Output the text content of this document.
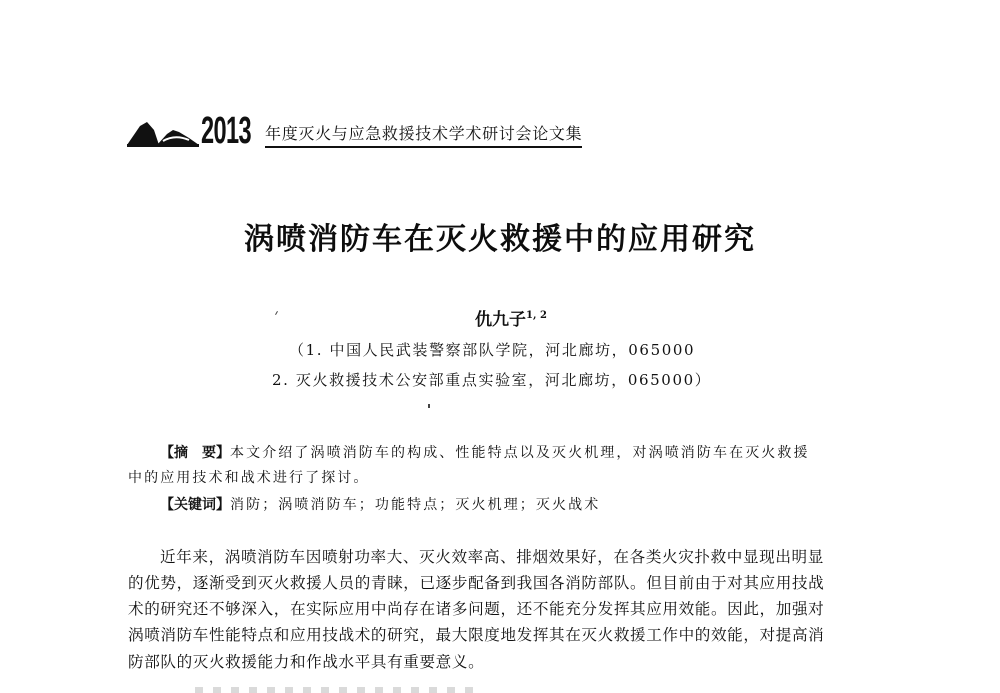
2013 年度灭火与应急救援技术学术研讨会论文集
涡喷消防车在灭火救援中的应用研究
仇九子$^{1, 2}$
（1. 中国人民武装警察部队学院，河北廊坊，065000
2. 灭火救援技术公安部重点实验室，河北廊坊，065000）
【摘　要】本文介绍了涡喷消防车的构成、性能特点以及灭火机理，对涡喷消防车在灭火救援
中的应用技术和战术进行了探讨。
【关键词】消防；涡喷消防车；功能特点；灭火机理；灭火战术
近年来，涡喷消防车因喷射功率大、灭火效率高、排烟效果好，在各类火灾扑救中显现出明显
的优势，逐渐受到灭火救援人员的青睐，已逐步配备到我国各消防部队。但目前由于对其应用技战
术的研究还不够深入，在实际应用中尚存在诸多问题，还不能充分发挥其应用效能。因此，加强对
涡喷消防车性能特点和应用技战术的研究，最大限度地发挥其在灭火救援工作中的效能，对提高消
防部队的灭火救援能力和作战水平具有重要意义。
